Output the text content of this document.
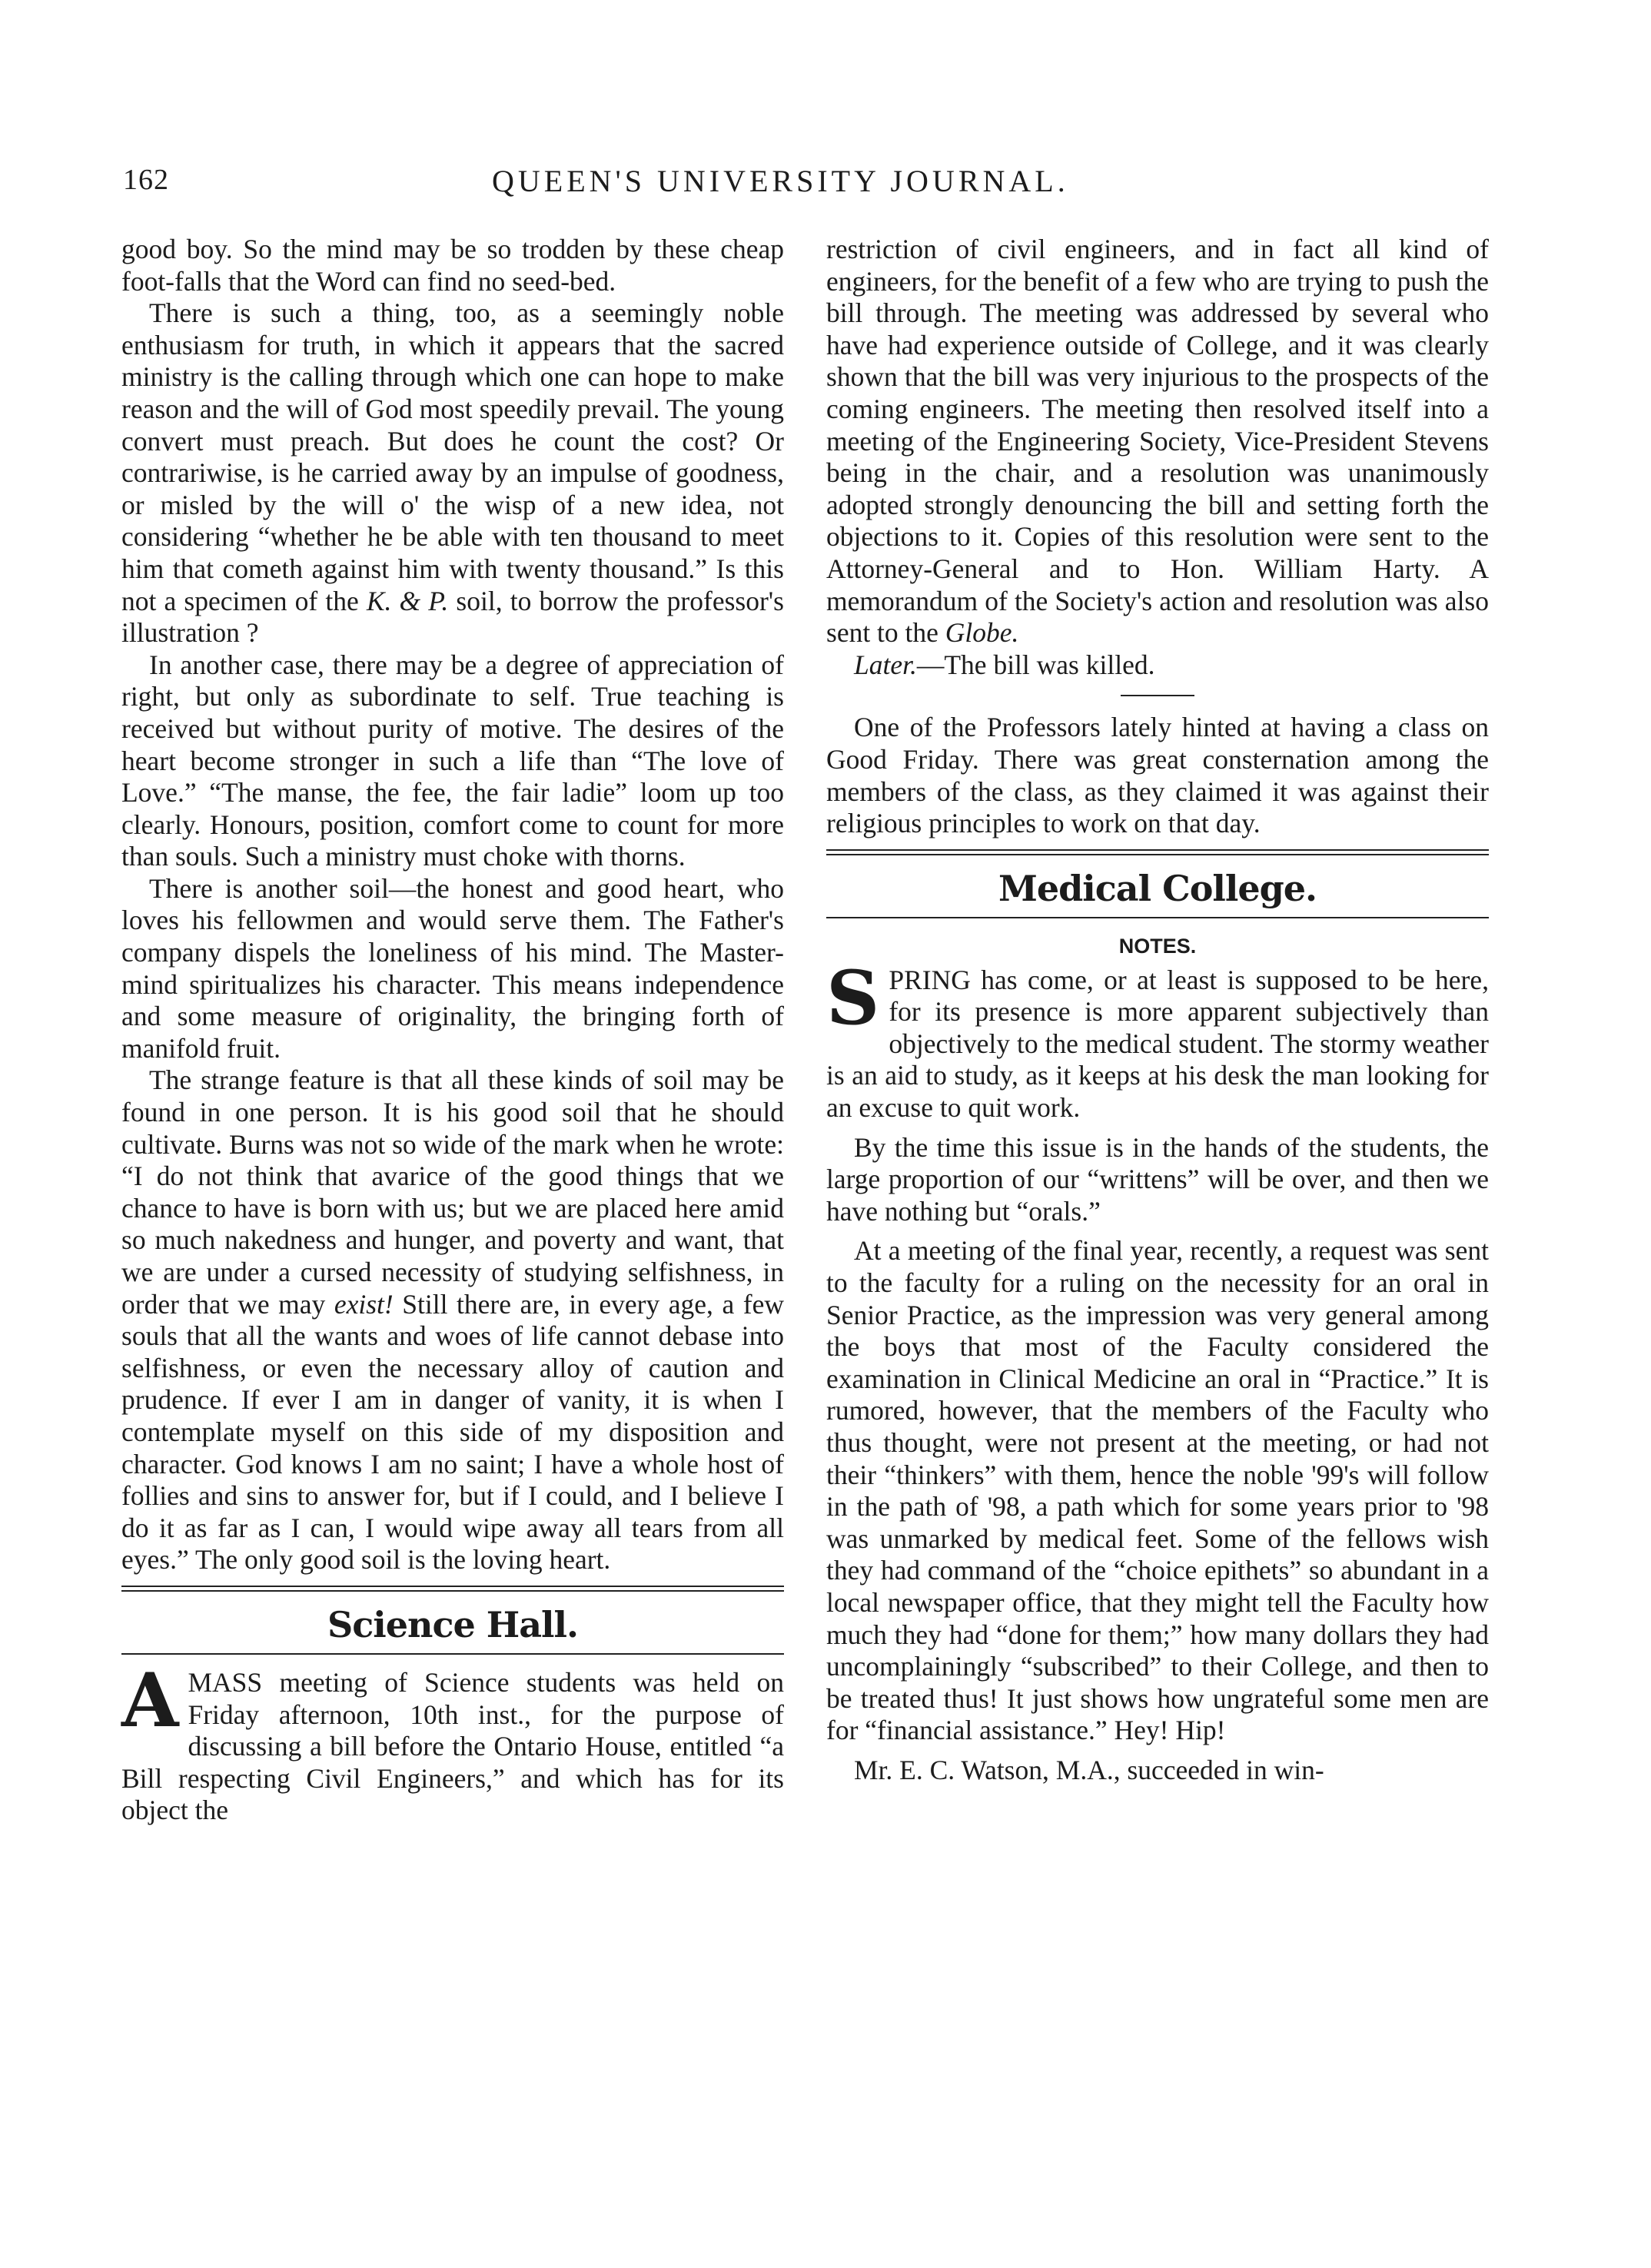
162	QUEEN'S UNIVERSITY JOURNAL.

good boy. So the mind may be so trodden by these cheap foot-falls that the Word can find no seed-bed.

There is such a thing, too, as a seemingly noble enthusiasm for truth, in which it appears that the sacred ministry is the calling through which one can hope to make reason and the will of God most speedily prevail. The young convert must preach. But does he count the cost? Or contrariwise, is he carried away by an impulse of goodness, or misled by the will o' the wisp of a new idea, not considering “whether he be able with ten thousand to meet him that cometh against him with twenty thousand.” Is this not a specimen of the K. & P. soil, to borrow the professor's illustration ?

In another case, there may be a degree of appreciation of right, but only as subordinate to self. True teaching is received but without purity of motive. The desires of the heart become stronger in such a life than “The love of Love.” “The manse, the fee, the fair ladie” loom up too clearly. Honours, position, comfort come to count for more than souls. Such a ministry must choke with thorns.

There is another soil—the honest and good heart, who loves his fellowmen and would serve them. The Father's company dispels the loneliness of his mind. The Master-mind spiritualizes his character. This means independence and some measure of originality, the bringing forth of manifold fruit.

The strange feature is that all these kinds of soil may be found in one person. It is his good soil that he should cultivate. Burns was not so wide of the mark when he wrote: “I do not think that avarice of the good things that we chance to have is born with us; but we are placed here amid so much nakedness and hunger, and poverty and want, that we are under a cursed necessity of studying selfishness, in order that we may exist! Still there are, in every age, a few souls that all the wants and woes of life cannot debase into selfishness, or even the necessary alloy of caution and prudence. If ever I am in danger of vanity, it is when I contemplate myself on this side of my disposition and character. God knows I am no saint; I have a whole host of follies and sins to answer for, but if I could, and I believe I do it as far as I can, I would wipe away all tears from all eyes.” The only good soil is the loving heart.

Science Hall.

AMASS meeting of Science students was held on Friday afternoon, 10th inst., for the purpose of discussing a bill before the Ontario House, entitled “a Bill respecting Civil Engineers,” and which has for its object the

restriction of civil engineers, and in fact all kind of engineers, for the benefit of a few who are trying to push the bill through. The meeting was addressed by several who have had experience outside of College, and it was clearly shown that the bill was very injurious to the prospects of the coming engineers. The meeting then resolved itself into a meeting of the Engineering Society, Vice-President Stevens being in the chair, and a resolution was unanimously adopted strongly denouncing the bill and setting forth the objections to it. Copies of this resolution were sent to the Attorney-General and to Hon. William Harty. A memorandum of the Society's action and resolution was also sent to the Globe.

Later.—The bill was killed.

One of the Professors lately hinted at having a class on Good Friday. There was great consternation among the members of the class, as they claimed it was against their religious principles to work on that day.

Medical College.
NOTES.

SPRING has come, or at least is supposed to be here, for its presence is more apparent subjectively than objectively to the medical student. The stormy weather is an aid to study, as it keeps at his desk the man looking for an excuse to quit work.

By the time this issue is in the hands of the students, the large proportion of our “writtens” will be over, and then we have nothing but “orals.”

At a meeting of the final year, recently, a request was sent to the faculty for a ruling on the necessity for an oral in Senior Practice, as the impression was very general among the boys that most of the Faculty considered the examination in Clinical Medicine an oral in “Practice.” It is rumored, however, that the members of the Faculty who thus thought, were not present at the meeting, or had not their “thinkers” with them, hence the noble '99's will follow in the path of '98, a path which for some years prior to '98 was unmarked by medical feet. Some of the fellows wish they had command of the “choice epithets” so abundant in a local newspaper office, that they might tell the Faculty how much they had “done for them;” how many dollars they had uncomplainingly “subscribed” to their College, and then to be treated thus! It just shows how ungrateful some men are for “financial assistance.” Hey! Hip!

Mr. E. C. Watson, M.A., succeeded in win-
